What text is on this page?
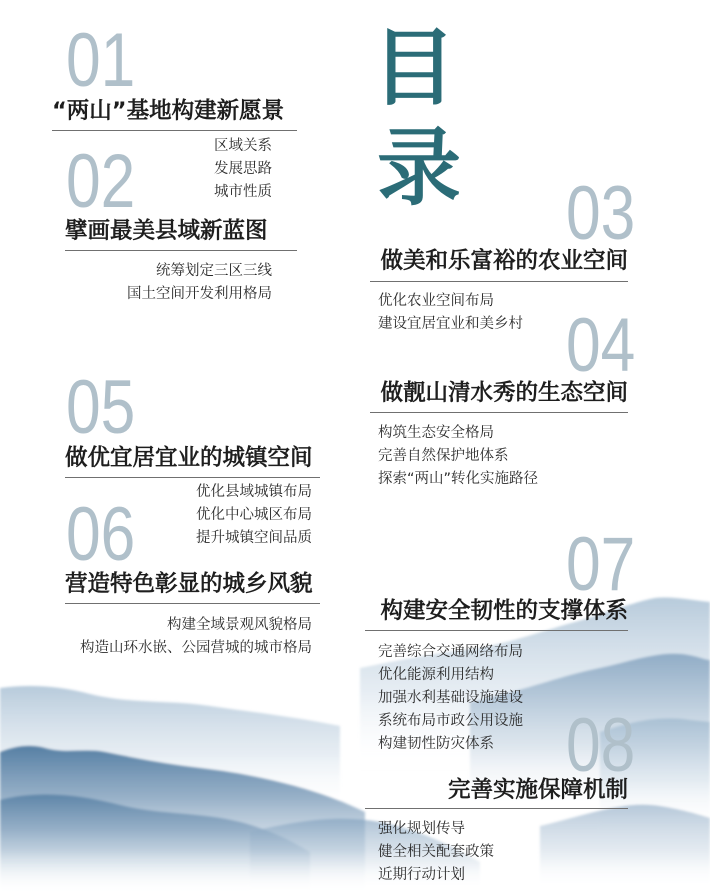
目
录
01
“两山”基地构建新愿景
区域关系
发展思路
城市性质
02
擘画最美县域新蓝图
统筹划定三区三线
国土空间开发利用格局
03
做美和乐富裕的农业空间
优化农业空间布局
建设宜居宜业和美乡村 04
做靓山清水秀的生态空间
构筑生态安全格局
完善自然保护地体系
探索“两山”转化实施路径
05
做优宜居宜业的城镇空间
优化县域城镇布局
优化中心城区布局
提升城镇空间品质
06
营造特色彰显的城乡风貌
构建全域景观风貌格局
构造山环水嵌、公园营城的城市格局
07
构建安全韧性的支撑体系
完善综合交通网络布局
优化能源利用结构
加强水利基础设施建设
系统布局市政公用设施
构建韧性防灾体系 08
完善实施保障机制
强化规划传导
健全相关配套政策
近期行动计划
